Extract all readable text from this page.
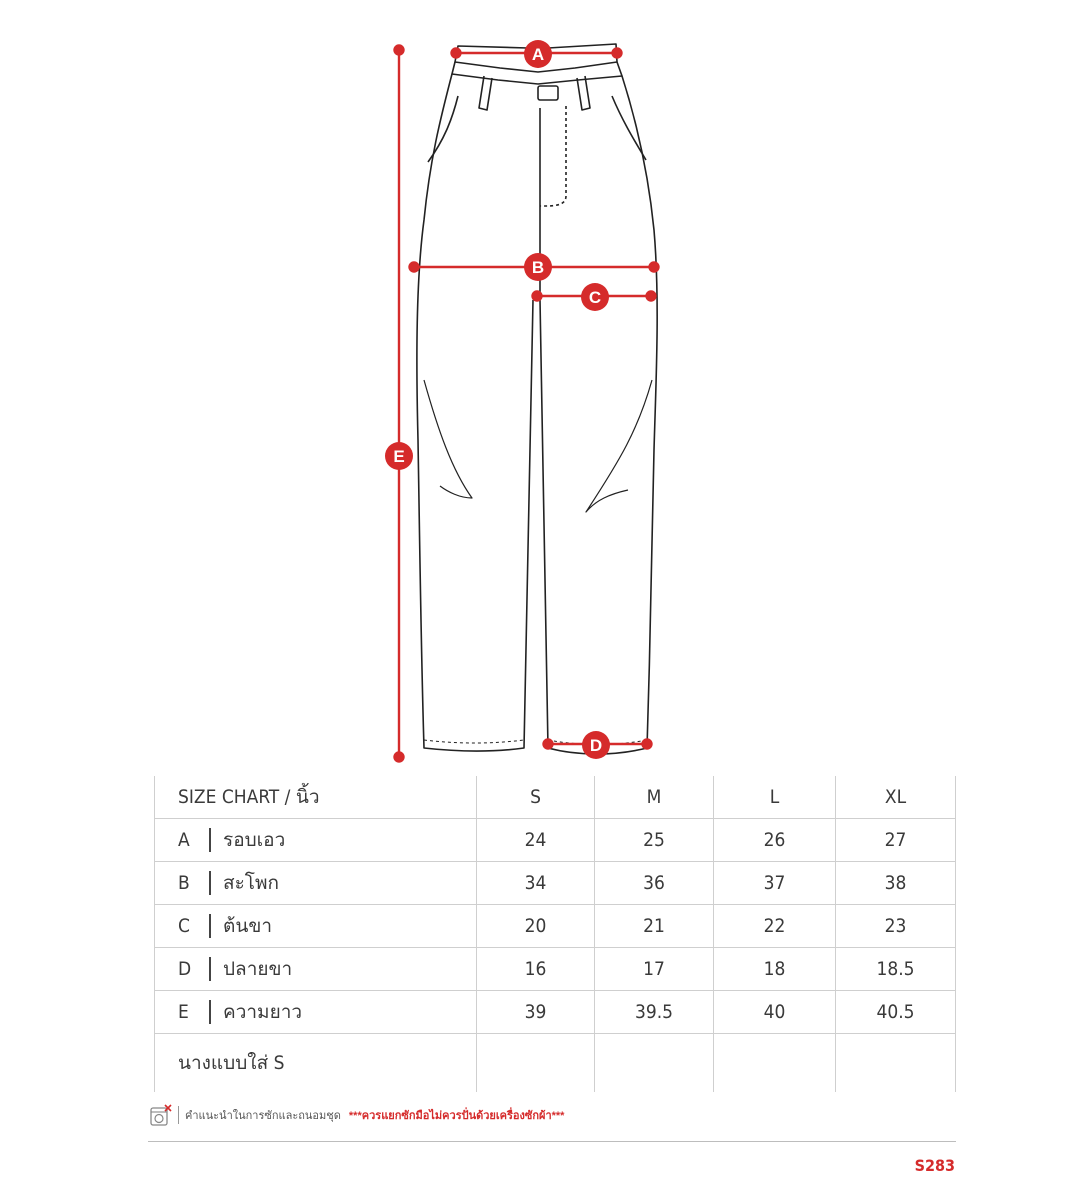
A
B
C
D
E
SIZE CHART / นิ้ว	S	M	L	XL
A รอบเอว	24	25	26	27
B สะโพก	34	36	37	38
C ต้นขา	20	21	22	23
D ปลายขา	16	17	18	18.5
E ความยาว	39	39.5	40	40.5
นางแบบใส่ S				
คำแนะนำในการซักและถนอมชุด ***ควรแยกซักมือไม่ควรปั่นด้วยเครื่องซักผ้า***
S283
